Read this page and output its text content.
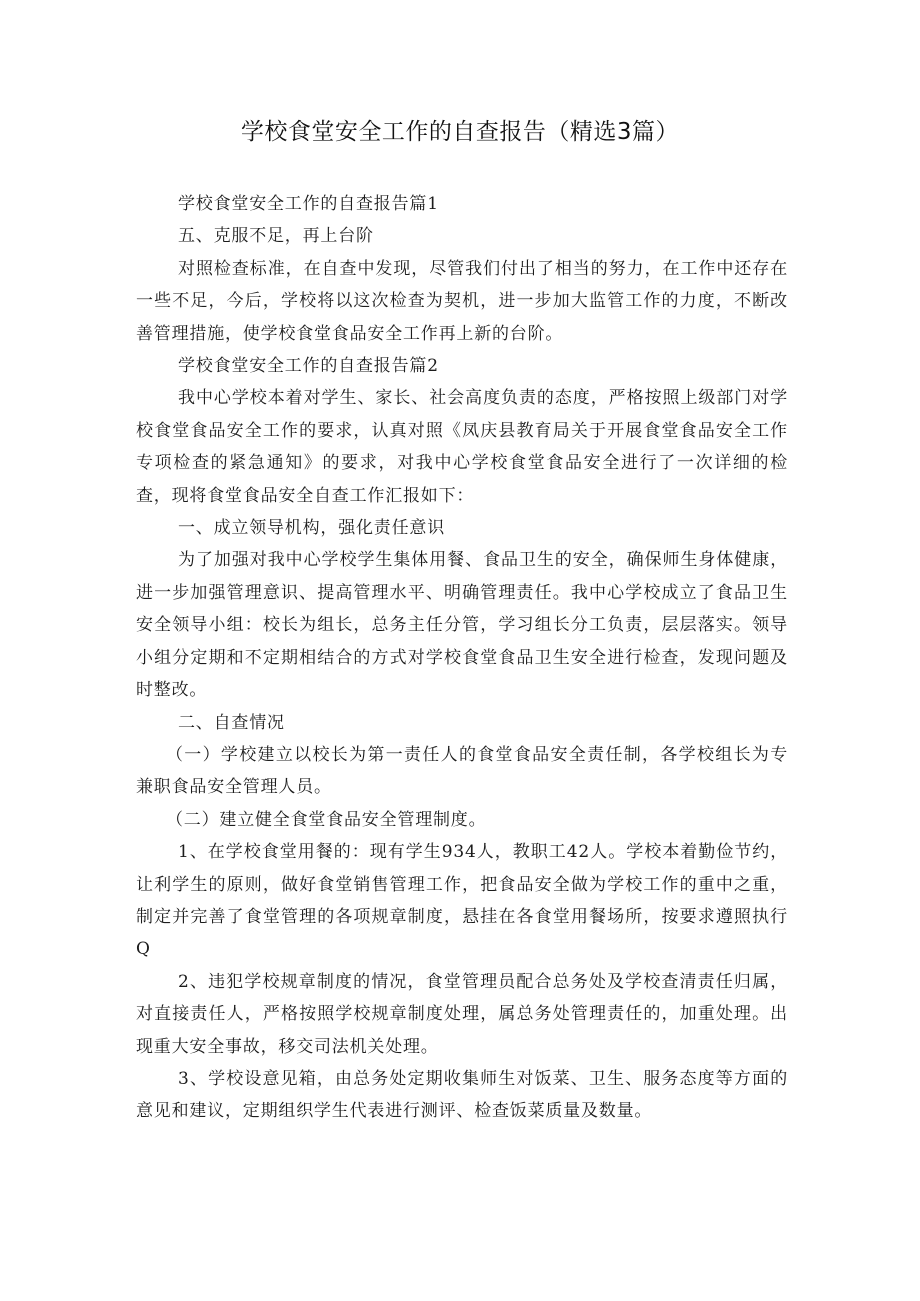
学校食堂安全工作的自查报告（精选3篇）

学校食堂安全工作的自查报告篇1

五、克服不足，再上台阶

对照检查标准，在自查中发现，尽管我们付出了相当的努力，在工作中还存在一些不足，今后，学校将以这次检查为契机，进一步加大监管工作的力度，不断改善管理措施，使学校食堂食品安全工作再上新的台阶。

学校食堂安全工作的自查报告篇2

我中心学校本着对学生、家长、社会高度负责的态度，严格按照上级部门对学校食堂食品安全工作的要求，认真对照《凤庆县教育局关于开展食堂食品安全工作专项检查的紧急通知》的要求，对我中心学校食堂食品安全进行了一次详细的检查，现将食堂食品安全自查工作汇报如下：

一、成立领导机构，强化责任意识

为了加强对我中心学校学生集体用餐、食品卫生的安全，确保师生身体健康，进一步加强管理意识、提高管理水平、明确管理责任。我中心学校成立了食品卫生安全领导小组：校长为组长，总务主任分管，学习组长分工负责，层层落实。领导小组分定期和不定期相结合的方式对学校食堂食品卫生安全进行检查，发现问题及时整改。

二、自查情况

（一）学校建立以校长为第一责任人的食堂食品安全责任制，各学校组长为专兼职食品安全管理人员。

（二）建立健全食堂食品安全管理制度。

1、在学校食堂用餐的：现有学生934人，教职工42人。学校本着勤俭节约，让利学生的原则，做好食堂销售管理工作，把食品安全做为学校工作的重中之重，制定并完善了食堂管理的各项规章制度，悬挂在各食堂用餐场所，按要求遵照执行Q

2、违犯学校规章制度的情况，食堂管理员配合总务处及学校查清责任归属，对直接责任人，严格按照学校规章制度处理，属总务处管理责任的，加重处理。出现重大安全事故，移交司法机关处理。

3、学校设意见箱，由总务处定期收集师生对饭菜、卫生、服务态度等方面的意见和建议，定期组织学生代表进行测评、检查饭菜质量及数量。
